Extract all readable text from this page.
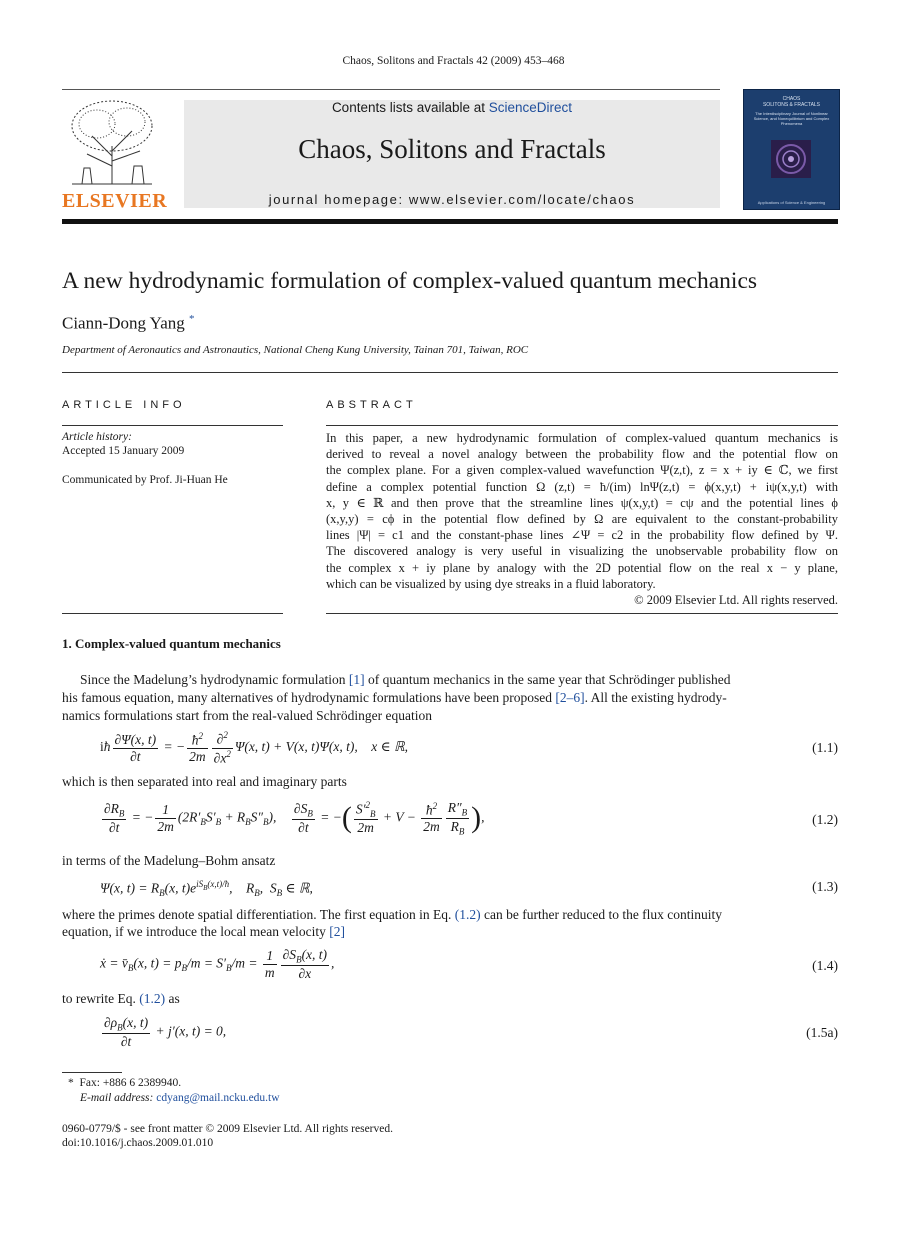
Chaos, Solitons and Fractals 42 (2009) 453–468
ELSEVIER
Contents lists available at ScienceDirect
Chaos, Solitons and Fractals
journal homepage: www.elsevier.com/locate/chaos
CHAOS
SOLITONS & FRACTALS
The Interdisciplinary Journal of Nonlinear Science, and Nonequilibrium and Complex Phenomena
Applications of Science & Engineering
A new hydrodynamic formulation of complex-valued quantum mechanics
Ciann-Dong Yang *
Department of Aeronautics and Astronautics, National Cheng Kung University, Tainan 701, Taiwan, ROC
ARTICLE INFO
Article history:
Accepted 15 January 2009
Communicated by Prof. Ji-Huan He
ABSTRACT

In this paper, a new hydrodynamic formulation of complex-valued quantum mechanics is

derived to reveal a novel analogy between the probability flow and the potential flow on

the complex plane. For a given complex-valued wavefunction Ψ(z,t), z = x + iy ∈ ℂ, we first

define a complex potential function Ω (z,t) = ħ/(im) lnΨ(z,t) = ϕ(x,y,t) + iψ(x,y,t) with

x, y ∈ ℝ and then prove that the streamline lines ψ(x,y,t) = cψ and the potential lines ϕ

(x,y,y) = cϕ in the potential flow defined by Ω are equivalent to the constant-probability

lines |Ψ| = c1 and the constant-phase lines ∠Ψ = c2 in the probability flow defined by Ψ.

The discovered analogy is very useful in visualizing the unobservable probability flow on

the complex x + iy plane by analogy with the 2D potential flow on the real x − y plane,

which can be visualized by using dye streaks in a fluid laboratory.

© 2009 Elsevier Ltd. All rights reserved.

1. Complex-valued quantum mechanics
Since the Madelung’s hydrodynamic formulation [1] of quantum mechanics in the same year that Schrödinger published
his famous equation, many alternatives of hydrodynamic formulations have been proposed [2–6]. All the existing hydrody-
namics formulations start from the real-valued Schrödinger equation
iħ $\frac{\partial\Psi(x, t)}{\partial t}$ = − $\frac{ħ^2}{2m} \frac{\partial^2}{\partial x^2} \Psi(x$, t) + V(x, t)Ψ(x, t),    x ∈ ℝ,	(1.1)
which is then separated into real and imaginary parts
$\frac{\partial R_B}{\partial t}$ = − $\frac{1}{2m} (2R'_BS'_B + R_BS''_B)$, $\frac{\partial S_B}{\partial t}$ = −( $\frac{S'^2_B}{2m} + V - \frac{ħ^2}{2m} \frac{R''_B}{R_B}$ ),	(1.2)
in terms of the Madelung–Bohm ansatz
Ψ(x, $t) = R_B(x$, $t)e^{iS_B(x,t)/ħ}$,    $R_B$,  $S_B$ ∈ ℝ,	(1.3)
where the primes denote spatial differentiation. The first equation in Eq. (1.2) can be further reduced to the flux continuity
equation, if we introduce the local mean velocity [2]
ẋ = $v̄_B(x$, $t) = p_B/m = S'_B/m = \frac{1}{m} \frac{\partial S_B(x, t)}{\partial x}$ ,	(1.4)
to rewrite Eq. (1.2) as
$\frac{\partial\rho_B(x, t)}{\partial t} + j'(x$, t) = 0,	(1.5a)
* Fax: +886 6 2389940.
E-mail address: cdyang@mail.ncku.edu.tw
0960-0779/$ - see front matter © 2009 Elsevier Ltd. All rights reserved.
doi:10.1016/j.chaos.2009.01.010
